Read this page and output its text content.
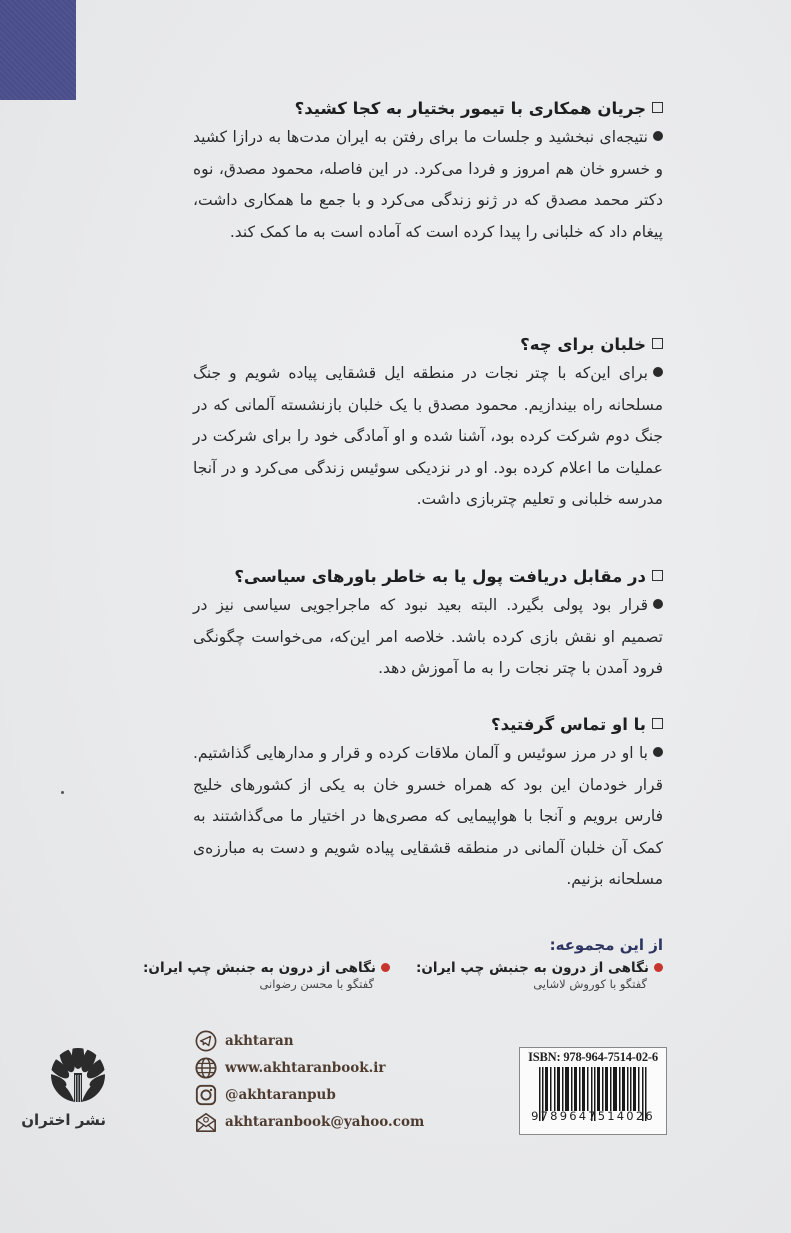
جریان همکاری با تیمور بختیار به کجا کشید؟

نتیجه‌ای نبخشید و جلسات ما برای رفتن به ایران مدت‌ها به درازا کشید و خسرو خان هم امروز و فردا می‌کرد. در این فاصله، محمود مصدق، نوه دکتر محمد مصدق که در ژنو زندگی می‌کرد و با جمع ما همکاری داشت، پیغام داد که خلبانی را پیدا کرده است که آماده است به ما کمک کند.

خلبان برای چه؟

برای این‌که با چتر نجات در منطقه ایل قشقایی پیاده شویم و جنگ مسلحانه راه بیندازیم. محمود مصدق با یک خلبان بازنشسته آلمانی که در جنگ دوم شرکت کرده بود، آشنا شده و او آمادگی خود را برای شرکت در عملیات ما اعلام کرده بود. او در نزدیکی سوئیس زندگی می‌کرد و در آنجا مدرسه خلبانی و تعلیم چتربازی داشت.

در مقابل دریافت پول یا به خاطر باورهای سیاسی؟

قرار بود پولی بگیرد. البته بعید نبود که ماجراجویی سیاسی نیز در تصمیم او نقش بازی کرده باشد. خلاصه امر این‌که، می‌خواست چگونگی فرود آمدن با چتر نجات را به ما آموزش دهد.

با او تماس گرفتید؟

با او در مرز سوئیس و آلمان ملاقات کرده و قرار و مدارهایی گذاشتیم. قرار خودمان این بود که همراه خسرو خان به یکی از کشورهای خلیج فارس برویم و آنجا با هواپیمایی که مصری‌ها در اختیار ما می‌گذاشتند به کمک آن خلبان آلمانی در منطقه قشقایی پیاده شویم و دست به مبارزه‌ی مسلحانه بزنیم.

از این مجموعه:

نگاهی از درون به جنبش چپ ایران:
گفتگو با کوروش لاشایی
نگاهی از درون به جنبش چپ ایران:
گفتگو با محسن رضوانی
نشر اختران
akhtaran
www.akhtaranbook.ir
@akhtaranpub
akhtaranbook@yahoo.com
ISBN: 978-964-7514-02-6
9789647514026
